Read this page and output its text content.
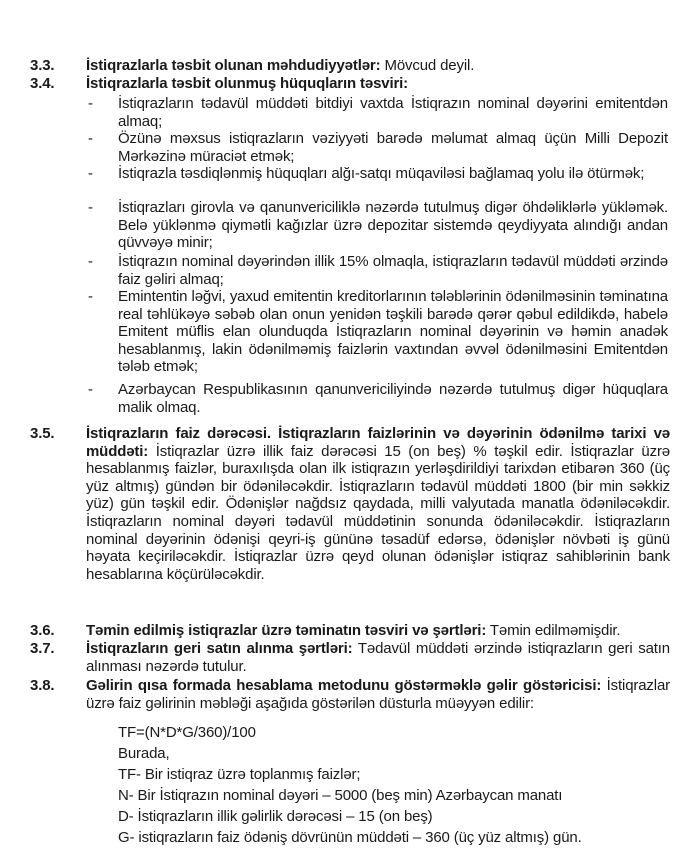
3.3. İstiqrazlarla təsbit olunan məhdudiyyətlər: Mövcud deyil.
3.4. İstiqrazlarla təsbit olunmuş hüquqların təsviri:
- İstiqrazların tədavül müddəti bitdiyi vaxtda İstiqrazın nominal dəyərini emitentdən almaq;
- Özünə məxsus istiqrazların vəziyyəti barədə məlumat almaq üçün Milli Depozit Mərkəzinə müraciət etmək;
- İstiqrazla təsdiqlənmiş hüquqları alğı-satqı müqaviləsi bağlamaq yolu ilə ötürmək;
- İstiqrazları girovla və qanunvericiliklə nəzərdə tutulmuş digər öhdəliklərlə yükləmək. Belə yüklənmə qiymətli kağızlar üzrə depozitar sistemdə qeydiyyata alındığı andan qüvvəyə minir;
- İstiqrazın nominal dəyərindən illik 15% olmaqla, istiqrazların tədavül müddəti ərzində faiz gəliri almaq;
- Emintentin ləğvi, yaxud emitentin kreditorlarının tələblərinin ödənilməsinin təminatına real təhlükəyə səbəb olan onun yenidən təşkili barədə qərər qəbul edildikdə, habelə Emitent müflis elan olunduqda İstiqrazların nominal dəyərinin və həmin anadək hesablanmış, lakin ödənilməmiş faizlərin vaxtından əvvəl ödənilməsini Emitentdən tələb etmək;
- Azərbaycan Respublikasının qanunvericiliyində nəzərdə tutulmuş digər hüquqlara malik olmaq.
3.5. İstiqrazların faiz dərəcəsi. İstiqrazların faizlərinin və dəyərinin ödənilmə tarixi və müddəti: İstiqrazlar üzrə illik faiz dərəcəsi 15 (on beş) % təşkil edir. İstiqrazlar üzrə hesablanmış faizlər, buraxılışda olan ilk istiqrazın yerləşdirildiyi tarixdən etibarən 360 (üç yüz altmış) gündən bir ödəniləcəkdir. İstiqrazların tədavül müddəti 1800 (bir min səkkiz yüz) gün təşkil edir. Ödənişlər nağdsız qaydada, milli valyutada manatla ödəniləcəkdir. İstiqrazların nominal dəyəri tədavül müddətinin sonunda ödəniləcəkdir. İstiqrazların nominal dəyərinin ödənişi qeyri-iş gününə təsadüf edərsə, ödənişlər növbəti iş günü həyata keçiriləcəkdir. İstiqrazlar üzrə qeyd olunan ödənişlər istiqraz sahiblərinin bank hesablarına köçürüləcəkdir.
3.6. Təmin edilmiş istiqrazlar üzrə təminatın təsviri və şərtləri: Təmin edilməmişdir.
3.7. İstiqrazların geri satın alınma şərtləri: Tədavül müddəti ərzində istiqrazların geri satın alınması nəzərdə tutulur.
3.8. Gəlirin qısa formada hesablama metodunu göstərməklə gəlir göstəricisi: İstiqrazlar üzrə faiz gəlirinin məbləği aşağıda göstərilən düsturla müəyyən edilir:
TF=(N*D*G/360)/100
Burada,
TF- Bir istiqraz üzrə toplanmış faizlər;
N- Bir İstiqrazın nominal dəyəri – 5000 (beş min) Azərbaycan manatı
D- İstiqrazların illik gəlirlik dərəcəsi – 15 (on beş)
G- istiqrazların faiz ödəniş dövrünün müddəti – 360 (üç yüz altmış) gün.
